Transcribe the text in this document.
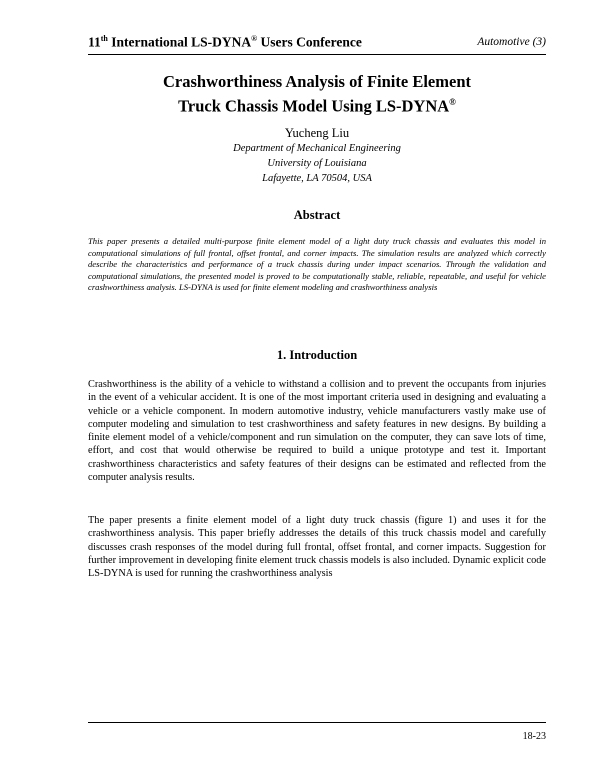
11th International LS-DYNA® Users Conference	Automotive (3)
Crashworthiness Analysis of Finite Element
Truck Chassis Model Using LS-DYNA®
Yucheng Liu
Department of Mechanical Engineering
University of Louisiana
Lafayette, LA 70504, USA
Abstract

This paper presents a detailed multi-purpose finite element model of a light duty truck chassis and evaluates this model in computational simulations of full frontal, offset frontal, and corner impacts. The simulation results are analyzed which correctly describe the characteristics and performance of a truck chassis during under impact scenarios. Through the validation and computational simulations, the presented model is proved to be computationally stable, reliable, repeatable, and useful for vehicle crashworthiness analysis. LS-DYNA is used for finite element modeling and crashworthiness analysis

1. Introduction

Crashworthiness is the ability of a vehicle to withstand a collision and to prevent the occupants from injuries in the event of a vehicular accident. It is one of the most important criteria used in designing and evaluating a vehicle or a vehicle component. In modern automotive industry, vehicle manufacturers vastly make use of computer modeling and simulation to test crashworthiness and safety features in new designs. By building a finite element model of a vehicle/component and run simulation on the computer, they can save lots of time, effort, and cost that would otherwise be required to build a unique prototype and test it. Important crashworthiness characteristics and safety features of their designs can be estimated and reflected from the computer analysis results.

The paper presents a finite element model of a light duty truck chassis (figure 1) and uses it for the crashworthiness analysis. This paper briefly addresses the details of this truck chassis model and carefully discusses crash responses of the model during full frontal, offset frontal, and corner impacts. Suggestion for further improvement in developing finite element truck chassis models is also included. Dynamic explicit code LS-DYNA is used for running the crashworthiness analysis

18-23
